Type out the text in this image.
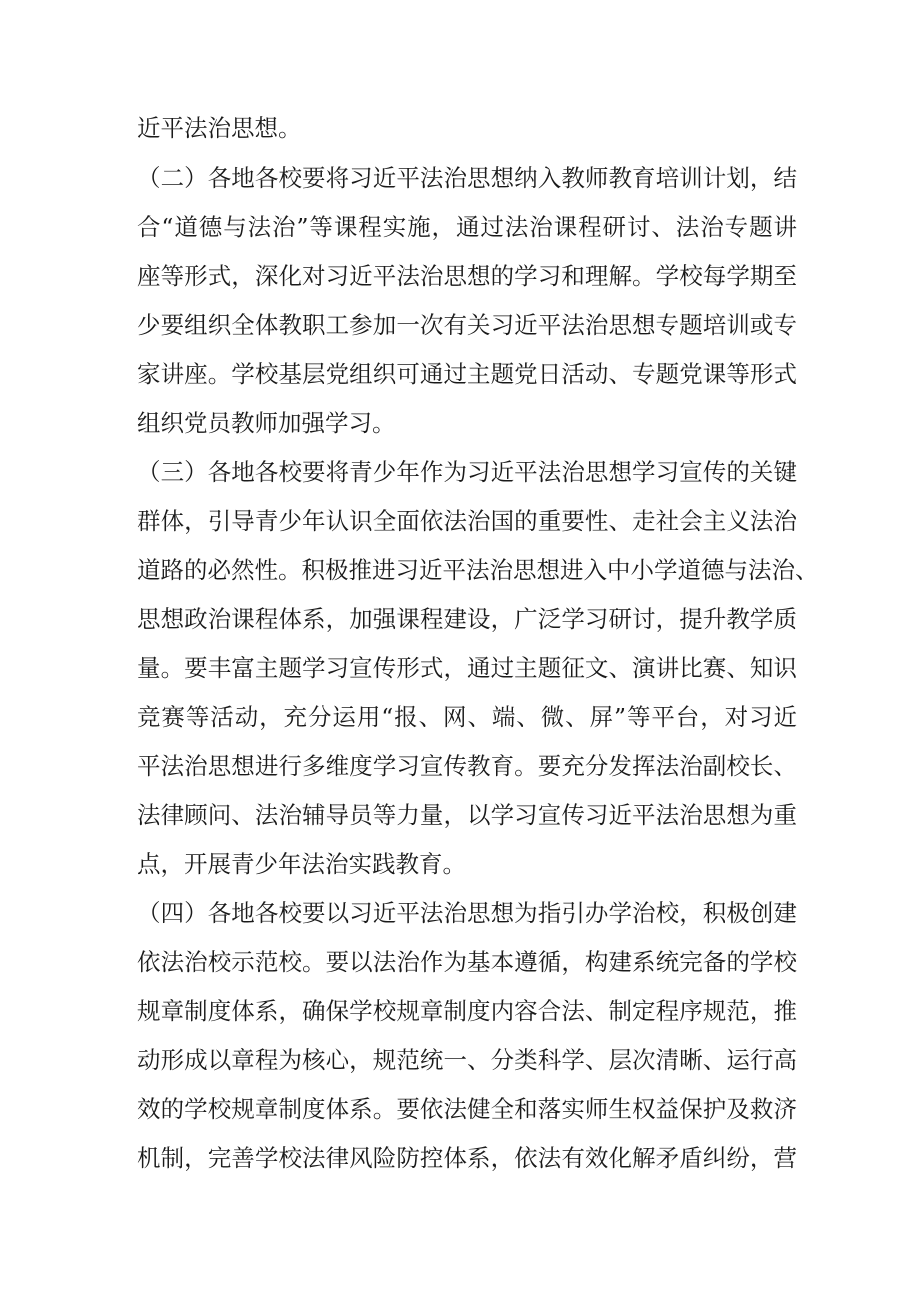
近平法治思想。
（二）各地各校要将习近平法治思想纳入教师教育培训计划，结
合“道德与法治”等课程实施，通过法治课程研讨、法治专题讲
座等形式，深化对习近平法治思想的学习和理解。学校每学期至
少要组织全体教职工参加一次有关习近平法治思想专题培训或专
家讲座。学校基层党组织可通过主题党日活动、专题党课等形式
组织党员教师加强学习。
（三）各地各校要将青少年作为习近平法治思想学习宣传的关键
群体，引导青少年认识全面依法治国的重要性、走社会主义法治
道路的必然性。积极推进习近平法治思想进入中小学道德与法治、
思想政治课程体系，加强课程建设，广泛学习研讨，提升教学质
量。要丰富主题学习宣传形式，通过主题征文、演讲比赛、知识
竞赛等活动，充分运用“报、网、端、微、屏”等平台，对习近
平法治思想进行多维度学习宣传教育。要充分发挥法治副校长、
法律顾问、法治辅导员等力量，以学习宣传习近平法治思想为重
点，开展青少年法治实践教育。
（四）各地各校要以习近平法治思想为指引办学治校，积极创建
依法治校示范校。要以法治作为基本遵循，构建系统完备的学校
规章制度体系，确保学校规章制度内容合法、制定程序规范，推
动形成以章程为核心，规范统一、分类科学、层次清晰、运行高
效的学校规章制度体系。要依法健全和落实师生权益保护及救济
机制，完善学校法律风险防控体系，依法有效化解矛盾纠纷，营
